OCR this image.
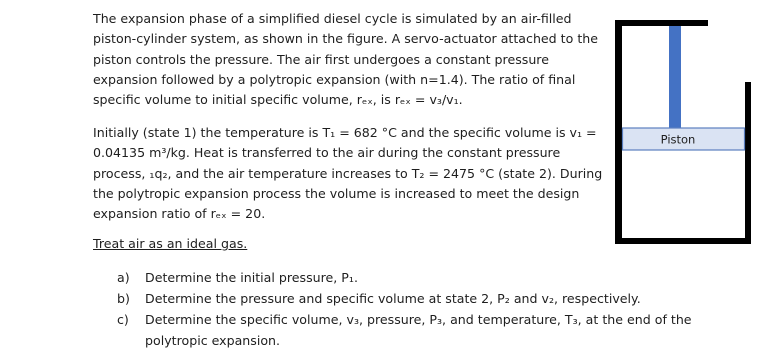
The expansion phase of a simplified diesel cycle is simulated by an air-filled
piston-cylinder system, as shown in the figure. A servo-actuator attached to the
piston controls the pressure. The air first undergoes a constant pressure
expansion followed by a polytropic expansion (with n=1.4). The ratio of final
specific volume to initial specific volume, rₑₓ, is rₑₓ = v₃/v₁.
Initially (state 1) the temperature is T₁ = 682 °C and the specific volume is v₁ =
0.04135 m³/kg. Heat is transferred to the air during the constant pressure
process, ₁q₂, and the air temperature increases to T₂ = 2475 °C (state 2). During
the polytropic expansion process the volume is increased to meet the design
expansion ratio of rₑₓ = 20.
Treat air as an ideal gas.
a)	Determine the initial pressure, P₁.
b)	Determine the pressure and specific volume at state 2, P₂ and v₂, respectively.
c)	Determine the specific volume, v₃, pressure, P₃, and temperature, T₃, at the end of the
polytropic expansion.
Piston
